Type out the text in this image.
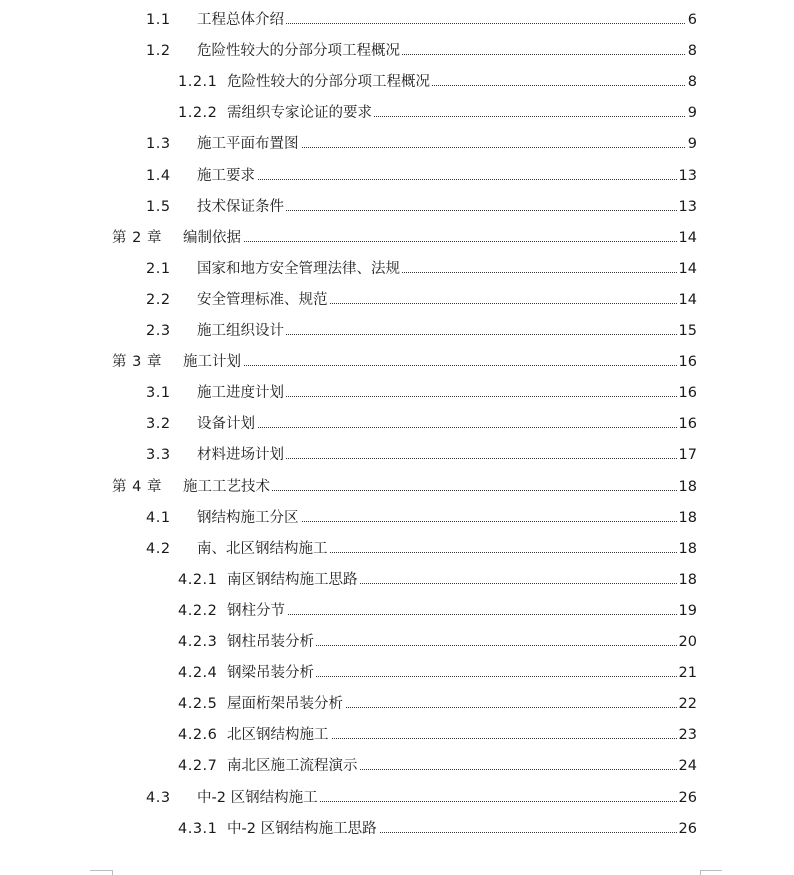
1.1 工程总体介绍	6
1.2 危险性较大的分部分项工程概况	8
1.2.1 危险性较大的分部分项工程概况	8
1.2.2 需组织专家论证的要求	9
1.3 施工平面布置图	9
1.4 施工要求	13
1.5 技术保证条件	13
第 2 章 编制依据	14
2.1 国家和地方安全管理法律、法规	14
2.2 安全管理标准、规范	14
2.3 施工组织设计	15
第 3 章 施工计划	16
3.1 施工进度计划	16
3.2 设备计划	16
3.3 材料进场计划	17
第 4 章 施工工艺技术	18
4.1 钢结构施工分区	18
4.2 南、北区钢结构施工	18
4.2.1 南区钢结构施工思路	18
4.2.2 钢柱分节	19
4.2.3 钢柱吊装分析	20
4.2.4 钢梁吊装分析	21
4.2.5 屋面桁架吊装分析	22
4.2.6 北区钢结构施工	23
4.2.7 南北区施工流程演示	24
4.3 中-2 区钢结构施工	26
4.3.1 中-2 区钢结构施工思路	26
